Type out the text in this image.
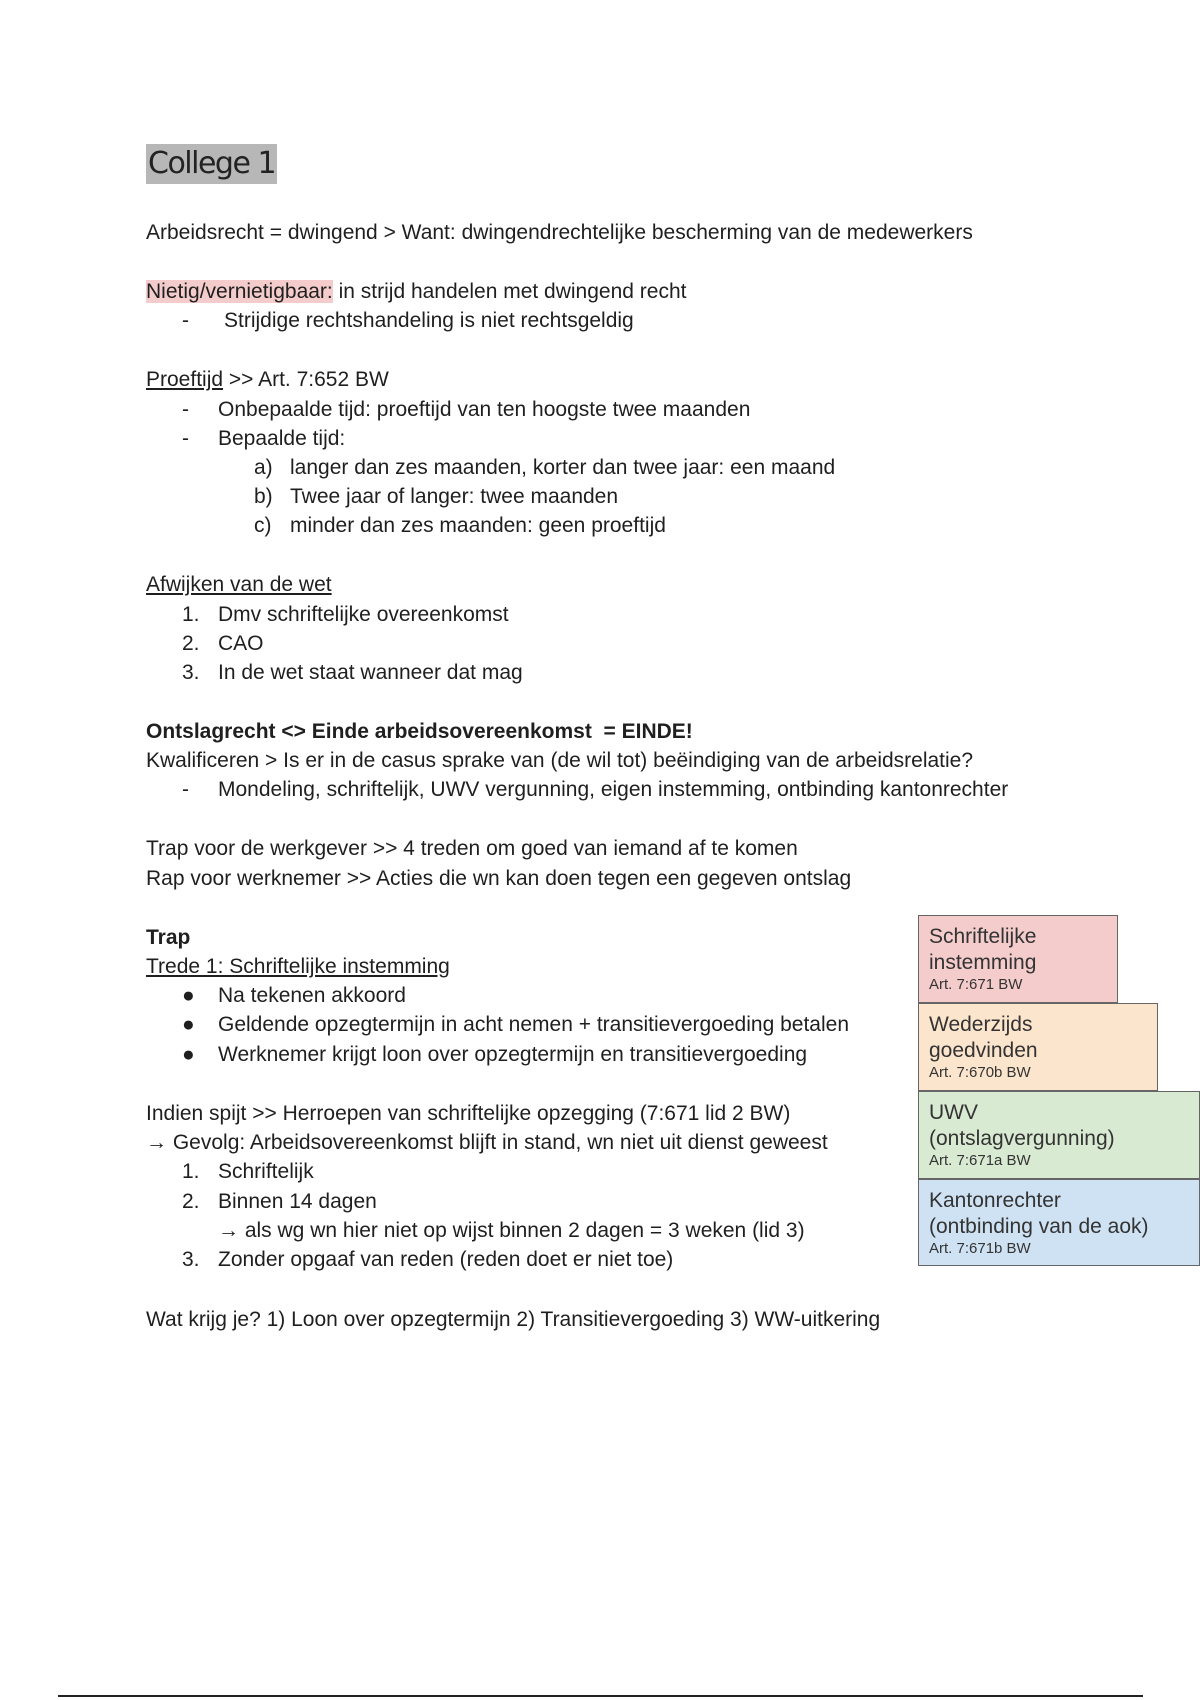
College 1
Arbeidsrecht = dwingend > Want: dwingendrechtelijke bescherming van de medewerkers
Nietig/vernietigbaar: in strijd handelen met dwingend recht
- Strijdige rechtshandeling is niet rechtsgeldig
Proeftijd >> Art. 7:652 BW
- Onbepaalde tijd: proeftijd van ten hoogste twee maanden
- Bepaalde tijd:
a) langer dan zes maanden, korter dan twee jaar: een maand
b) Twee jaar of langer: twee maanden
c) minder dan zes maanden: geen proeftijd
Afwijken van de wet
1. Dmv schriftelijke overeenkomst
2. CAO
3. In de wet staat wanneer dat mag
Ontslagrecht <> Einde arbeidsovereenkomst  = EINDE!
Kwalificeren > Is er in de casus sprake van (de wil tot) beëindiging van de arbeidsrelatie?
- Mondeling, schriftelijk, UWV vergunning, eigen instemming, ontbinding kantonrechter
Trap voor de werkgever >> 4 treden om goed van iemand af te komen
Rap voor werknemer >> Acties die wn kan doen tegen een gegeven ontslag
Trap
Trede 1: Schriftelijke instemming
● Na tekenen akkoord
● Geldende opzegtermijn in acht nemen + transitievergoeding betalen
● Werknemer krijgt loon over opzegtermijn en transitievergoeding
Indien spijt >> Herroepen van schriftelijke opzegging (7:671 lid 2 BW)
→ Gevolg: Arbeidsovereenkomst blijft in stand, wn niet uit dienst geweest
1. Schriftelijk
2. Binnen 14 dagen
→ als wg wn hier niet op wijst binnen 2 dagen = 3 weken (lid 3)
3. Zonder opgaaf van reden (reden doet er niet toe)
Wat krijg je? 1) Loon over opzegtermijn 2) Transitievergoeding 3) WW-uitkering
Schriftelijke
instemming
Art. 7:671 BW
Wederzijds
goedvinden
Art. 7:670b BW
UWV
(ontslagvergunning)
Art. 7:671a BW
Kantonrechter
(ontbinding van de aok)
Art. 7:671b BW
